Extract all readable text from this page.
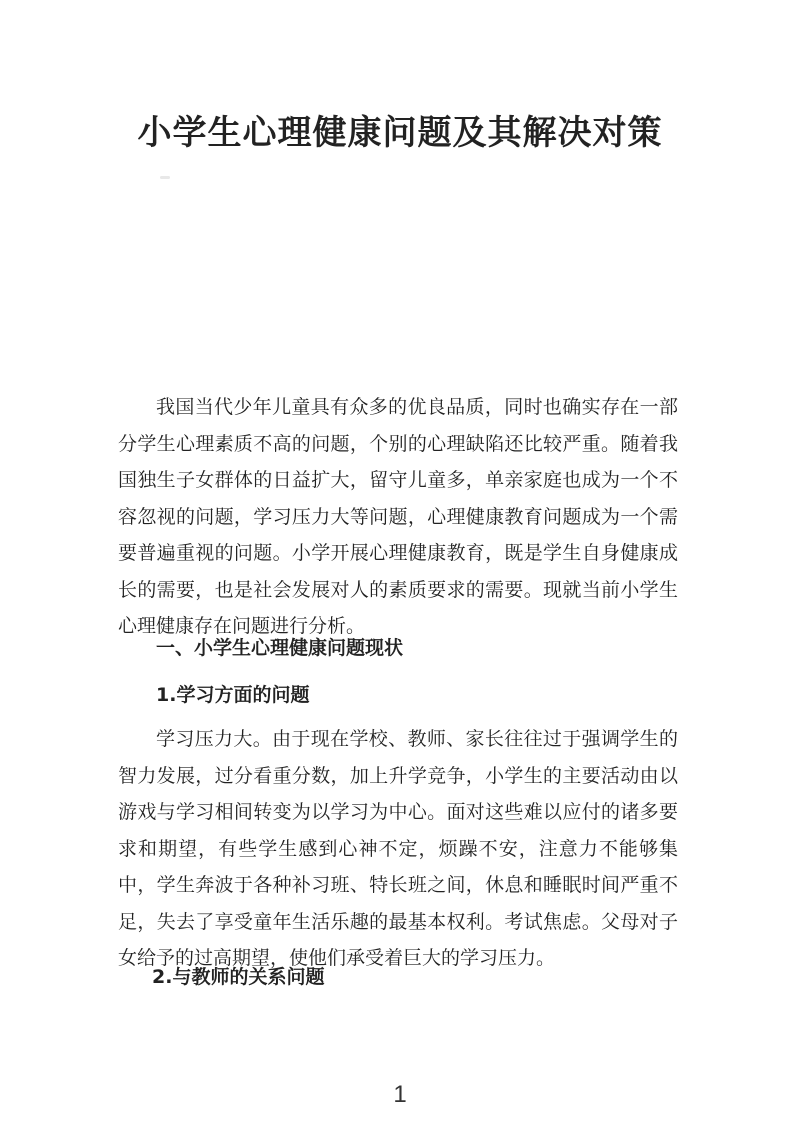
小学生心理健康问题及其解决对策

我国当代少年儿童具有众多的优良品质，同时也确实存在一部分学生心理素质不高的问题，个别的心理缺陷还比较严重。随着我国独生子女群体的日益扩大，留守儿童多，单亲家庭也成为一个不容忽视的问题，学习压力大等问题，心理健康教育问题成为一个需要普遍重视的问题。小学开展心理健康教育，既是学生自身健康成长的需要，也是社会发展对人的素质要求的需要。现就当前小学生心理健康存在问题进行分析。

一、小学生心理健康问题现状
1.学习方面的问题

学习压力大。由于现在学校、教师、家长往往过于强调学生的智力发展，过分看重分数，加上升学竞争，小学生的主要活动由以游戏与学习相间转变为以学习为中心。面对这些难以应付的诸多要求和期望，有些学生感到心神不定，烦躁不安，注意力不能够集中，学生奔波于各种补习班、特长班之间，休息和睡眠时间严重不足，失去了享受童年生活乐趣的最基本权利。考试焦虑。父母对子女给予的过高期望，使他们承受着巨大的学习压力。

2.与教师的关系问题
1
